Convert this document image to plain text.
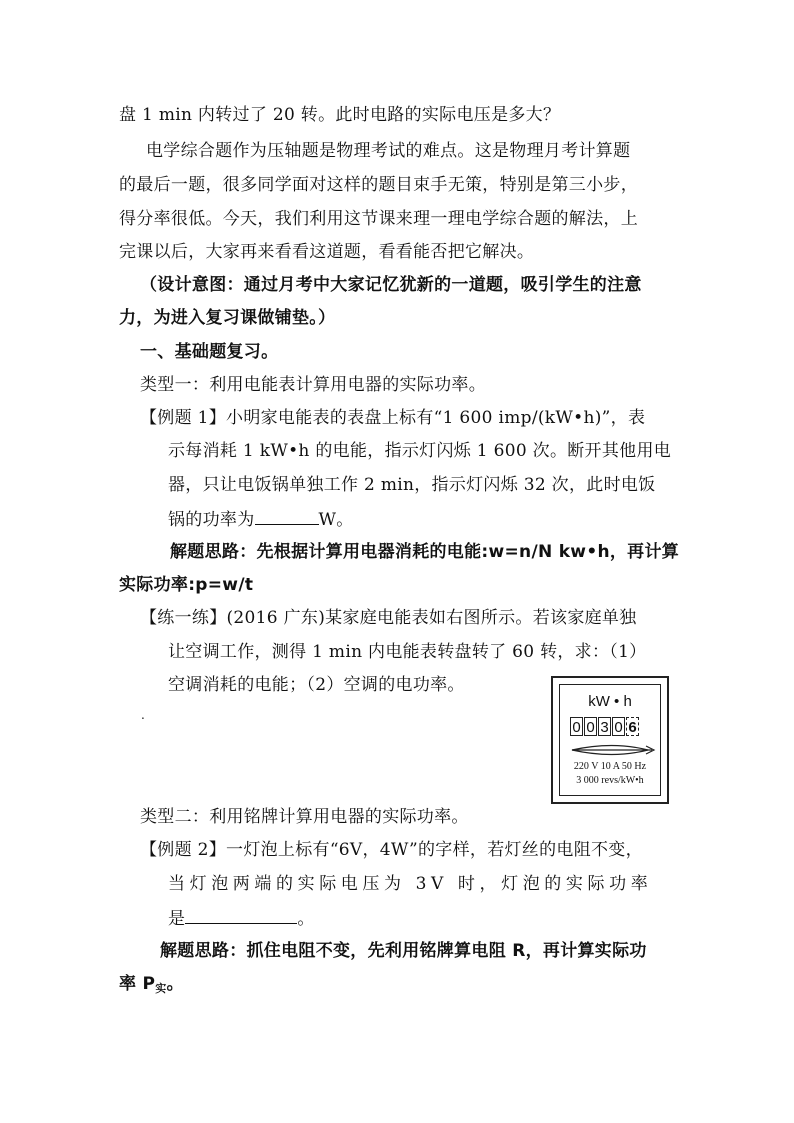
盘 1 min 内转过了 20 转。此时电路的实际电压是多大？
电学综合题作为压轴题是物理考试的难点。这是物理月考计算题
的最后一题，很多同学面对这样的题目束手无策，特别是第三小步，
得分率很低。今天，我们利用这节课来理一理电学综合题的解法，上
完课以后，大家再来看看这道题，看看能否把它解决。
（设计意图：通过月考中大家记忆犹新的一道题，吸引学生的注意
力，为进入复习课做铺垫。）
一、基础题复习。
类型一：利用电能表计算用电器的实际功率。
【例题 1】小明家电能表的表盘上标有“1 600 imp/(kW•h)”，表
示每消耗 1 kW•h 的电能，指示灯闪烁 1 600 次。断开其他用电
器，只让电饭锅单独工作 2 min，指示灯闪烁 32 次，此时电饭
锅的功率为	W。
解题思路：先根据计算用电器消耗的电能:w=n/N kw•h，再计算
实际功率:p=w/t
【练一练】(2016 广东)某家庭电能表如右图所示。若该家庭单独
让空调工作，测得 1 min 内电能表转盘转了 60 转，求：（1）
空调消耗的电能；（2）空调的电功率。
.
kW • h
0 0 3 0 6
220 V 10 A 50 Hz
3 000 revs/kW•h
类型二：利用铭牌计算用电器的实际功率。
【例题 2】一灯泡上标有“6V，4W”的字样，若灯丝的电阻不变，
当灯泡两端的实际电压为 3V 时，灯泡的实际功率
是	。
解题思路：抓住电阻不变，先利用铭牌算电阻 R，再计算实际功
率 $P_实$。
